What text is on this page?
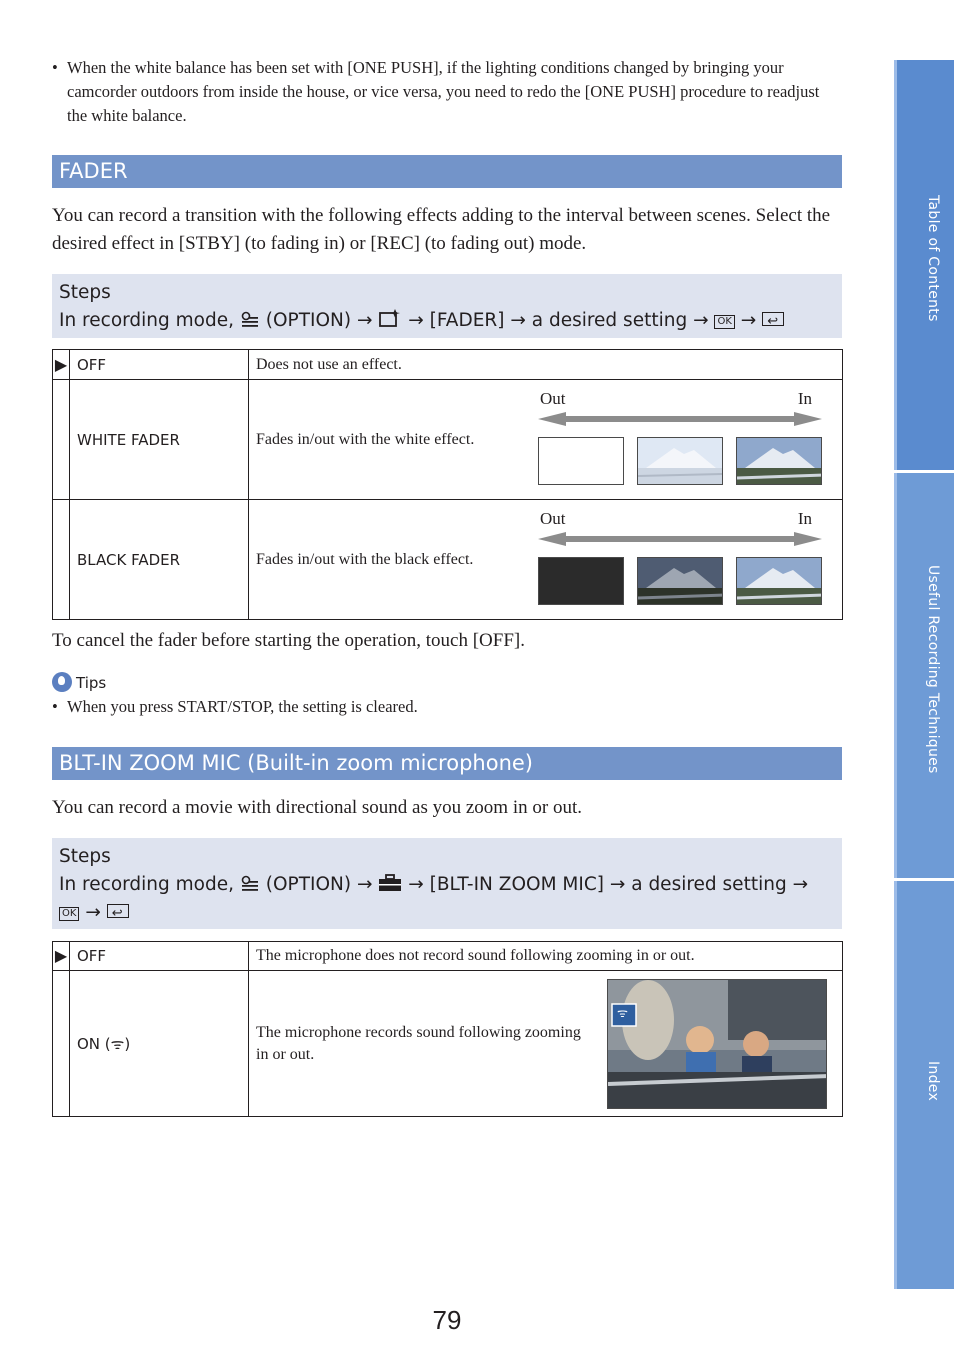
• When the white balance has been set with [ONE PUSH], if the lighting conditions changed by bringing your camcorder outdoors from inside the house, or vice versa, you need to redo the [ONE PUSH] procedure to readjust the white balance.
FADER
You can record a transition with the following effects adding to the interval between scenes. Select the desired effect in [STBY] (to fading in) or [REC] (to fading out) mode.
Steps
In recording mode, (OPTION) → → [FADER] → a desired setting → OK → ↩
▶	OFF	Does not use an effect.
	WHITE FADER	Fades in/out with the white effect.
Out In

	BLACK FADER	Fades in/out with the black effect.
Out In
To cancel the fader before starting the operation, touch [OFF].
Tips
• When you press START/STOP, the setting is cleared.
BLT-IN ZOOM MIC (Built-in zoom microphone)
You can record a movie with directional sound as you zoom in or out.
Steps
In recording mode, (OPTION) → → [BLT-IN ZOOM MIC] → a desired setting →
OK → ↩
▶	OFF	The microphone does not record sound following zooming in or out.
	ON (ᯤ)	The microphone records sound following zooming in or out.
ᯤ
Table of Contents
Useful Recording Techniques
Index
79
